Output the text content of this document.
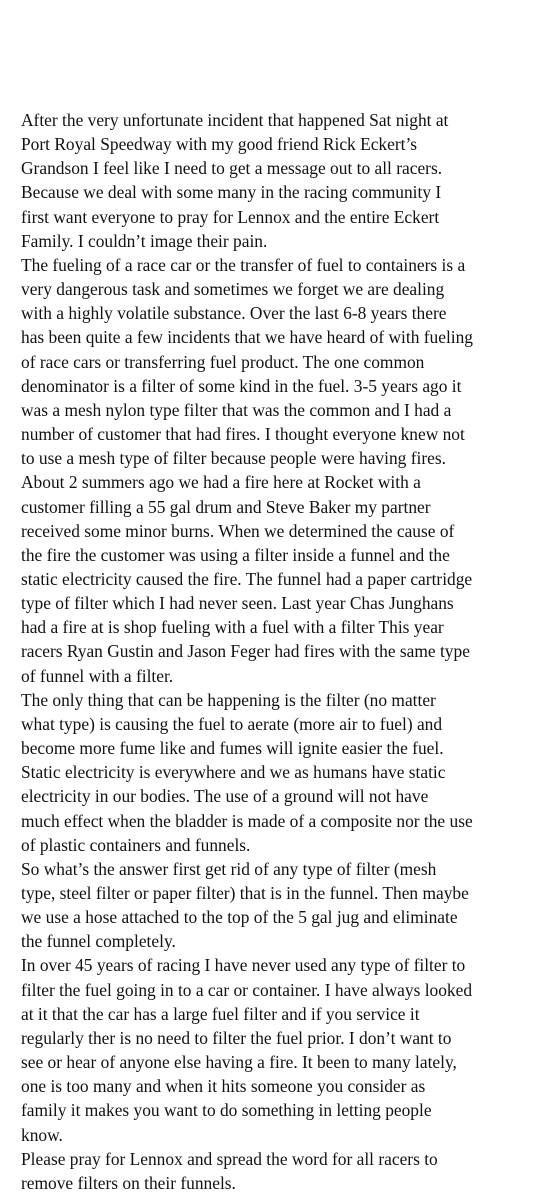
After the very unfortunate incident that happened Sat night at
Port Royal Speedway with my good friend Rick Eckert’s
Grandson I feel like I need to get a message out to all racers.
Because we deal with some many in the racing community I
first want everyone to pray for Lennox and the entire Eckert
Family. I couldn’t image their pain.

The fueling of a race car or the transfer of fuel to containers is a
very dangerous task and sometimes we forget we are dealing
with a highly volatile substance. Over the last 6-8 years there
has been quite a few incidents that we have heard of with fueling
of race cars or transferring fuel product. The one common
denominator is a filter of some kind in the fuel. 3-5 years ago it
was a mesh nylon type filter that was the common and I had a
number of customer that had fires. I thought everyone knew not
to use a mesh type of filter because people were having fires.
About 2 summers ago we had a fire here at Rocket with a
customer filling a 55 gal drum and Steve Baker my partner
received some minor burns. When we determined the cause of
the fire the customer was using a filter inside a funnel and the
static electricity caused the fire. The funnel had a paper cartridge
type of filter which I had never seen. Last year Chas Junghans
had a fire at is shop fueling with a fuel with a filter This year
racers Ryan Gustin and Jason Feger had fires with the same type
of funnel with a filter.

The only thing that can be happening is the filter (no matter
what type) is causing the fuel to aerate (more air to fuel) and
become more fume like and fumes will ignite easier the fuel.
Static electricity is everywhere and we as humans have static
electricity in our bodies. The use of a ground will not have
much effect when the bladder is made of a composite nor the use
of plastic containers and funnels.

So what’s the answer first get rid of any type of filter (mesh
type, steel filter or paper filter) that is in the funnel. Then maybe
we use a hose attached to the top of the 5 gal jug and eliminate
the funnel completely.

In over 45 years of racing I have never used any type of filter to
filter the fuel going in to a car or container. I have always looked
at it that the car has a large fuel filter and if you service it
regularly ther is no need to filter the fuel prior. I don’t want to
see or hear of anyone else having a fire. It been to many lately,
one is too many and when it hits someone you consider as
family it makes you want to do something in letting people
know.

Please pray for Lennox and spread the word for all racers to
remove filters on their funnels.
